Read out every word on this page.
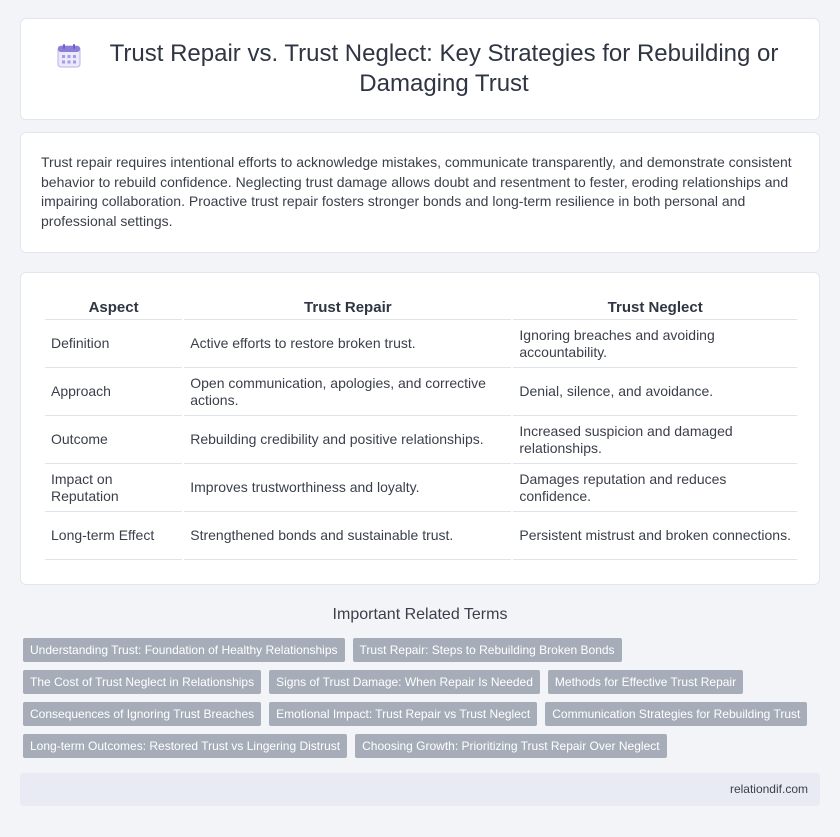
Trust Repair vs. Trust Neglect: Key Strategies for Rebuilding or Damaging Trust

Trust repair requires intentional efforts to acknowledge mistakes, communicate transparently, and demonstrate consistent behavior to rebuild confidence. Neglecting trust damage allows doubt and resentment to fester, eroding relationships and impairing collaboration. Proactive trust repair fosters stronger bonds and long-term resilience in both personal and professional settings.

Aspect	Trust Repair	Trust Neglect
Definition	Active efforts to restore broken trust.	Ignoring breaches and avoiding accountability.
Approach	Open communication, apologies, and corrective actions.	Denial, silence, and avoidance.
Outcome	Rebuilding credibility and positive relationships.	Increased suspicion and damaged relationships.
Impact on Reputation	Improves trustworthiness and loyalty.	Damages reputation and reduces confidence.
Long-term Effect	Strengthened bonds and sustainable trust.	Persistent mistrust and broken connections.
Important Related Terms
Understanding Trust: Foundation of Healthy Relationships	Trust Repair: Steps to Rebuilding Broken Bonds
The Cost of Trust Neglect in Relationships	Signs of Trust Damage: When Repair Is Needed	Methods for Effective Trust Repair
Consequences of Ignoring Trust Breaches	Emotional Impact: Trust Repair vs Trust Neglect	Communication Strategies for Rebuilding Trust
Long-term Outcomes: Restored Trust vs Lingering Distrust	Choosing Growth: Prioritizing Trust Repair Over Neglect
relationdif.com
